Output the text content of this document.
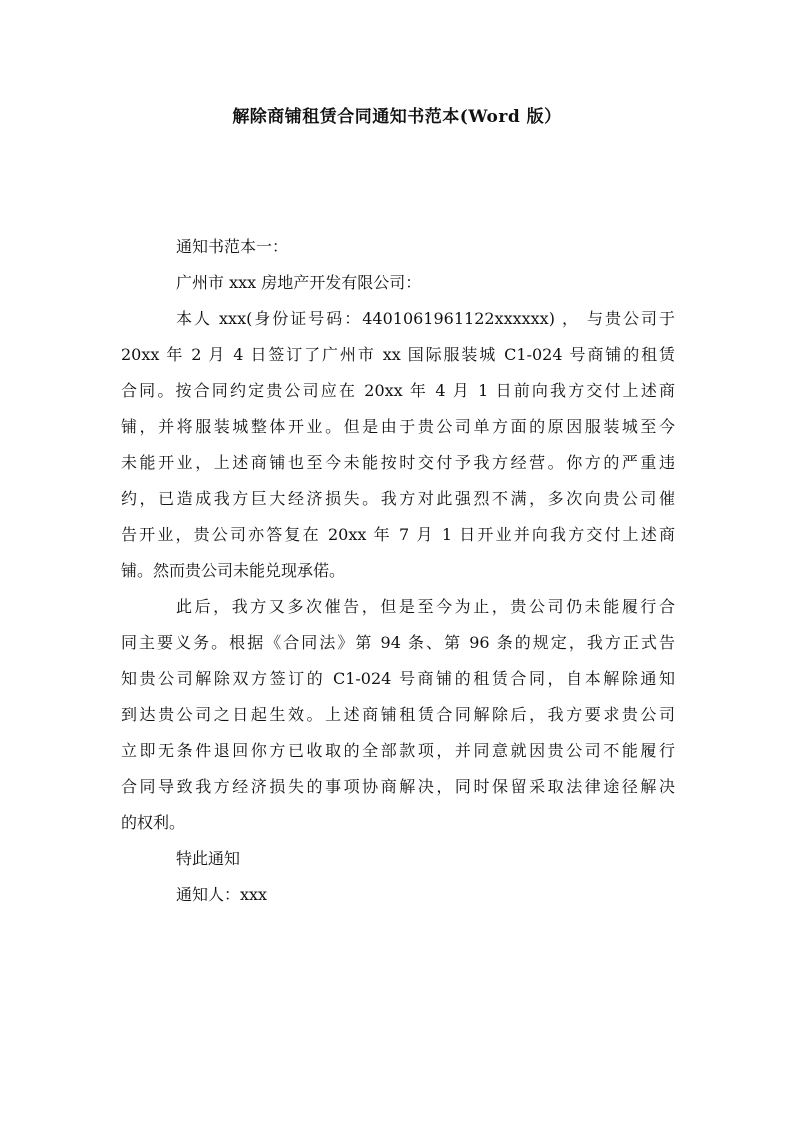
解除商铺租赁合同通知书范本(Word 版）
通知书范本一：
广州市 xxx 房地产开发有限公司：
本人 xxx(身份证号码：4401061961122xxxxxx) ， 与贵公司于
20xx 年 2 月 4 日签订了广州市 xx 国际服装城 C1-024 号商铺的租赁
合同。按合同约定贵公司应在 20xx 年 4 月 1 日前向我方交付上述商
铺，并将服装城整体开业。但是由于贵公司单方面的原因服装城至今
未能开业，上述商铺也至今未能按时交付予我方经营。你方的严重违
约，已造成我方巨大经济损失。我方对此强烈不满，多次向贵公司催
告开业，贵公司亦答复在 20xx 年 7 月 1 日开业并向我方交付上述商
铺。然而贵公司未能兑现承偌。
此后，我方又多次催告，但是至今为止，贵公司仍未能履行合
同主要义务。根据《合同法》第 94 条、第 96 条的规定，我方正式告
知贵公司解除双方签订的 C1-024 号商铺的租赁合同，自本解除通知
到达贵公司之日起生效。上述商铺租赁合同解除后，我方要求贵公司
立即无条件退回你方已收取的全部款项，并同意就因贵公司不能履行
合同导致我方经济损失的事项协商解决，同时保留采取法律途径解决
的权利。
特此通知
通知人：xxx
